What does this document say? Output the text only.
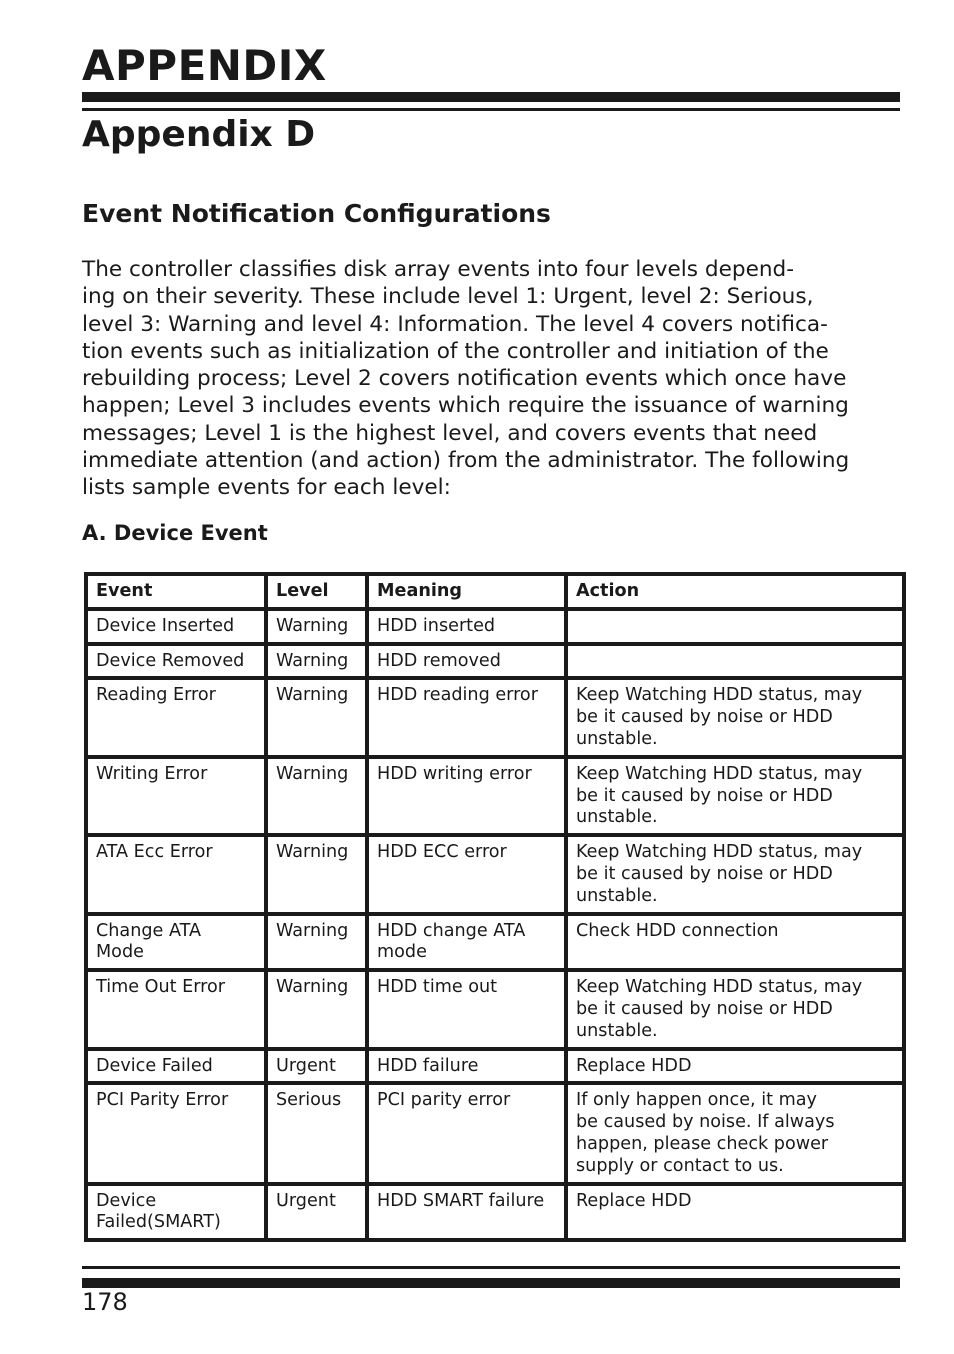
APPENDIX
Appendix D
Event Notification Configurations

The controller classifies disk array events into four levels depend-
ing on their severity. These include level 1: Urgent, level 2: Serious,
level 3: Warning and level 4: Information. The level 4 covers notifica-
tion events such as initialization of the controller and initiation of the
rebuilding process; Level 2 covers notification events which once have
happen; Level 3 includes events which require the issuance of warning
messages; Level 1 is the highest level, and covers events that need
immediate attention (and action) from the administrator. The following
lists sample events for each level:

A. Device Event
Event	Level	Meaning	Action
Device Inserted	Warning	HDD inserted	
Device Removed	Warning	HDD removed	
Reading Error	Warning	HDD reading error	Keep Watching HDD status, may
be it caused by noise or HDD
unstable.
Writing Error	Warning	HDD writing error	Keep Watching HDD status, may
be it caused by noise or HDD
unstable.
ATA Ecc Error	Warning	HDD ECC error	Keep Watching HDD status, may
be it caused by noise or HDD
unstable.
Change ATA
Mode	Warning	HDD change ATA
mode	Check HDD connection
Time Out Error	Warning	HDD time out	Keep Watching HDD status, may
be it caused by noise or HDD
unstable.
Device Failed	Urgent	HDD failure	Replace HDD
PCI Parity Error	Serious	PCI parity error	If only happen once, it may
be caused by noise. If always
happen, please check power
supply or contact to us.
Device
Failed(SMART)	Urgent	HDD SMART failure	Replace HDD

178
